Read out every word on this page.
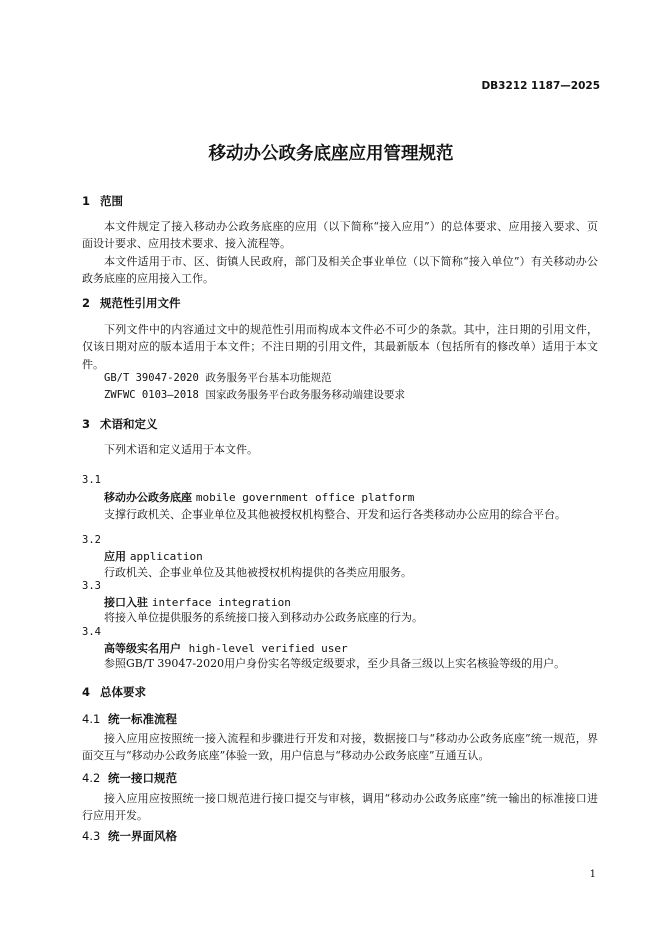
DB3212 1187—2025
移动办公政务底座应用管理规范
1 范围
本文件规定了接入移动办公政务底座的应用（以下简称“接入应用”）的总体要求、应用接入要求、页面设计要求、应用技术要求、接入流程等。
本文件适用于市、区、街镇人民政府，部门及相关企事业单位（以下简称“接入单位”）有关移动办公政务底座的应用接入工作。
2 规范性引用文件
下列文件中的内容通过文中的规范性引用而构成本文件必不可少的条款。其中，注日期的引用文件，仅该日期对应的版本适用于本文件；不注日期的引用文件，其最新版本（包括所有的修改单）适用于本文件。
GB/T 39047-2020 政务服务平台基本功能规范
ZWFWC 0103—2018 国家政务服务平台政务服务移动端建设要求
3 术语和定义
下列术语和定义适用于本文件。
3.1
移动办公政务底座 mobile government office platform
支撑行政机关、企事业单位及其他被授权机构整合、开发和运行各类移动办公应用的综合平台。
3.2
应用 application
行政机关、企事业单位及其他被授权机构提供的各类应用服务。
3.3
接口入驻 interface integration
将接入单位提供服务的系统接口接入到移动办公政务底座的行为。
3.4
高等级实名用户 high-level verified user
参照GB/T 39047-2020用户身份实名等级定级要求，至少具备三级以上实名核验等级的用户。
4 总体要求
4.1 统一标准流程
接入应用应按照统一接入流程和步骤进行开发和对接，数据接口与“移动办公政务底座”统一规范，界面交互与“移动办公政务底座”体验一致，用户信息与“移动办公政务底座”互通互认。
4.2 统一接口规范
接入应用应按照统一接口规范进行接口提交与审核，调用“移动办公政务底座”统一输出的标准接口进行应用开发。
4.3 统一界面风格
1
